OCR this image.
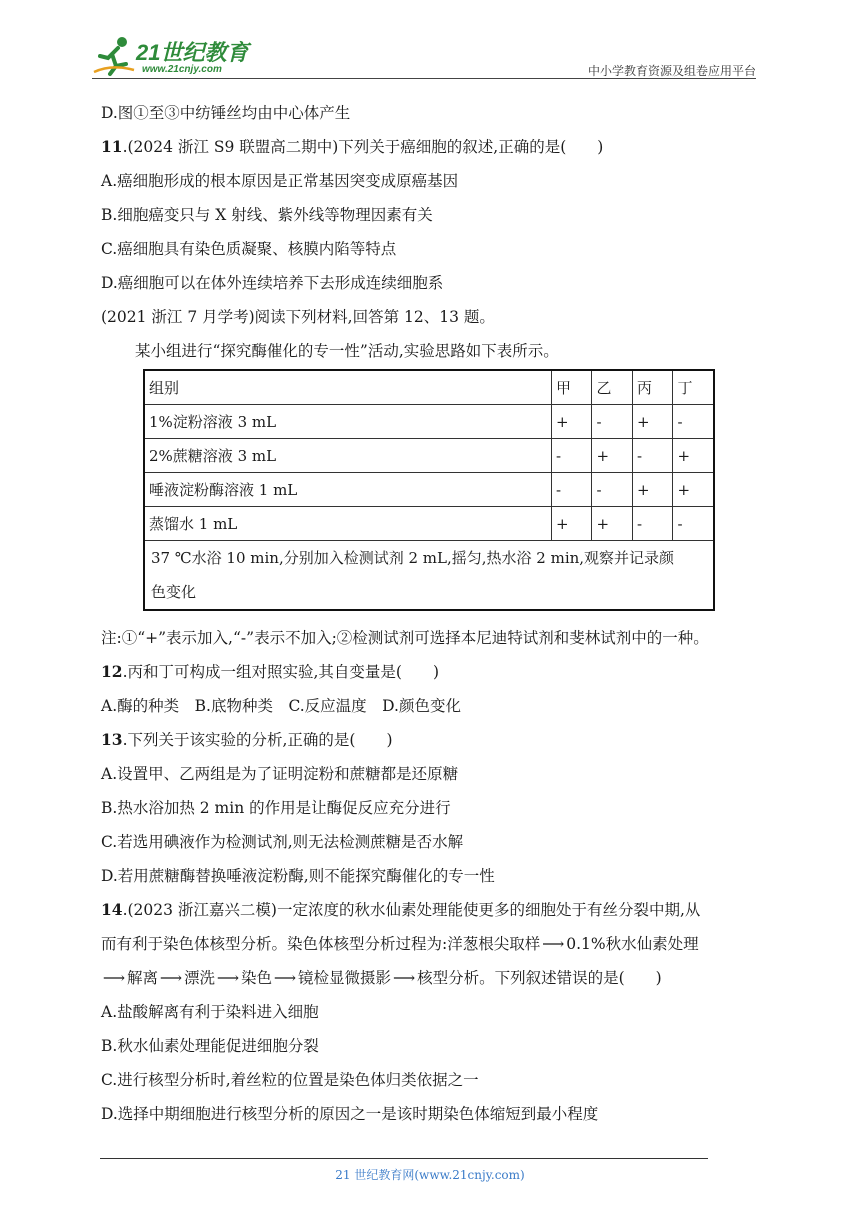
21世纪教育
www.21cnjy.com	中小学教育资源及组卷应用平台
D.图①至③中纺锤丝均由中心体产生
11.(2024 浙江 S9 联盟高二期中)下列关于癌细胞的叙述,正确的是(　　)
A.癌细胞形成的根本原因是正常基因突变成原癌基因
B.细胞癌变只与 X 射线、紫外线等物理因素有关
C.癌细胞具有染色质凝聚、核膜内陷等特点
D.癌细胞可以在体外连续培养下去形成连续细胞系
(2021 浙江 7 月学考)阅读下列材料,回答第 12、13 题。
某小组进行“探究酶催化的专一性”活动,实验思路如下表所示。
组别	甲	乙	丙	丁
1%淀粉溶液 3 mL	+	-	+	-
2%蔗糖溶液 3 mL	-	+	-	+
唾液淀粉酶溶液 1 mL	-	-	+	+
蒸馏水 1 mL	+	+	-	-

37 ℃水浴 10 min,分别加入检测试剂 2 mL,摇匀,热水浴 2 min,观察并记录颜
色变化				
注:①“+”表示加入,“-”表示不加入;②检测试剂可选择本尼迪特试剂和斐林试剂中的一种。
12.丙和丁可构成一组对照实验,其自变量是(　　)
A.酶的种类　B.底物种类　C.反应温度　D.颜色变化
13.下列关于该实验的分析,正确的是(　　)
A.设置甲、乙两组是为了证明淀粉和蔗糖都是还原糖
B.热水浴加热 2 min 的作用是让酶促反应充分进行
C.若选用碘液作为检测试剂,则无法检测蔗糖是否水解
D.若用蔗糖酶替换唾液淀粉酶,则不能探究酶催化的专一性
14.(2023 浙江嘉兴二模)一定浓度的秋水仙素处理能使更多的细胞处于有丝分裂中期,从
而有利于染色体核型分析。染色体核型分析过程为:洋葱根尖取样 ⟶ 0.1%秋水仙素处理
⟶ 解离 ⟶ 漂洗 ⟶ 染色 ⟶ 镜检显微摄影 ⟶ 核型分析。下列叙述错误的是(　　)
A.盐酸解离有利于染料进入细胞
B.秋水仙素处理能促进细胞分裂
C.进行核型分析时,着丝粒的位置是染色体归类依据之一
D.选择中期细胞进行核型分析的原因之一是该时期染色体缩短到最小程度
21 世纪教育网(www.21cnjy.com)
